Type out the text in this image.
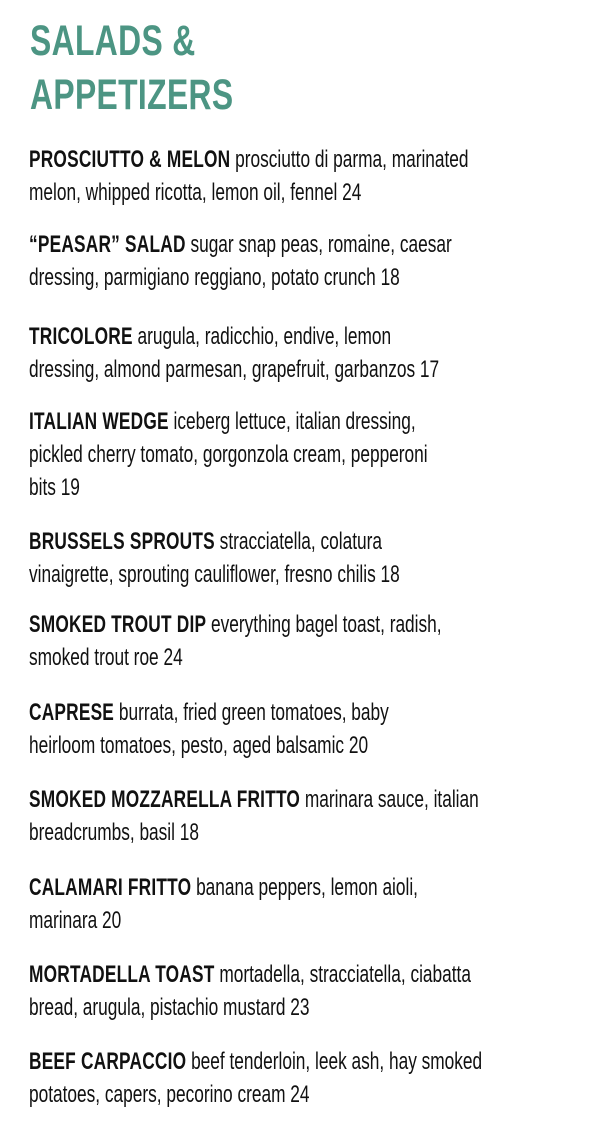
SALADS &
APPETIZERS
PROSCIUTTO & MELON prosciutto di parma, marinated
melon, whipped ricotta, lemon oil, fennel 24
“PEASAR” SALAD sugar snap peas, romaine, caesar
dressing, parmigiano reggiano, potato crunch 18
TRICOLORE arugula, radicchio, endive, lemon
dressing, almond parmesan, grapefruit, garbanzos 17
ITALIAN WEDGE iceberg lettuce, italian dressing,
pickled cherry tomato, gorgonzola cream, pepperoni
bits 19
BRUSSELS SPROUTS stracciatella, colatura
vinaigrette, sprouting cauliflower, fresno chilis 18
SMOKED TROUT DIP everything bagel toast, radish,
smoked trout roe 24
CAPRESE burrata, fried green tomatoes, baby
heirloom tomatoes, pesto, aged balsamic 20
SMOKED MOZZARELLA FRITTO marinara sauce, italian
breadcrumbs, basil 18
CALAMARI FRITTO banana peppers, lemon aioli,
marinara 20
MORTADELLA TOAST mortadella, stracciatella, ciabatta
bread, arugula, pistachio mustard 23
BEEF CARPACCIO beef tenderloin, leek ash, hay smoked
potatoes, capers, pecorino cream 24
